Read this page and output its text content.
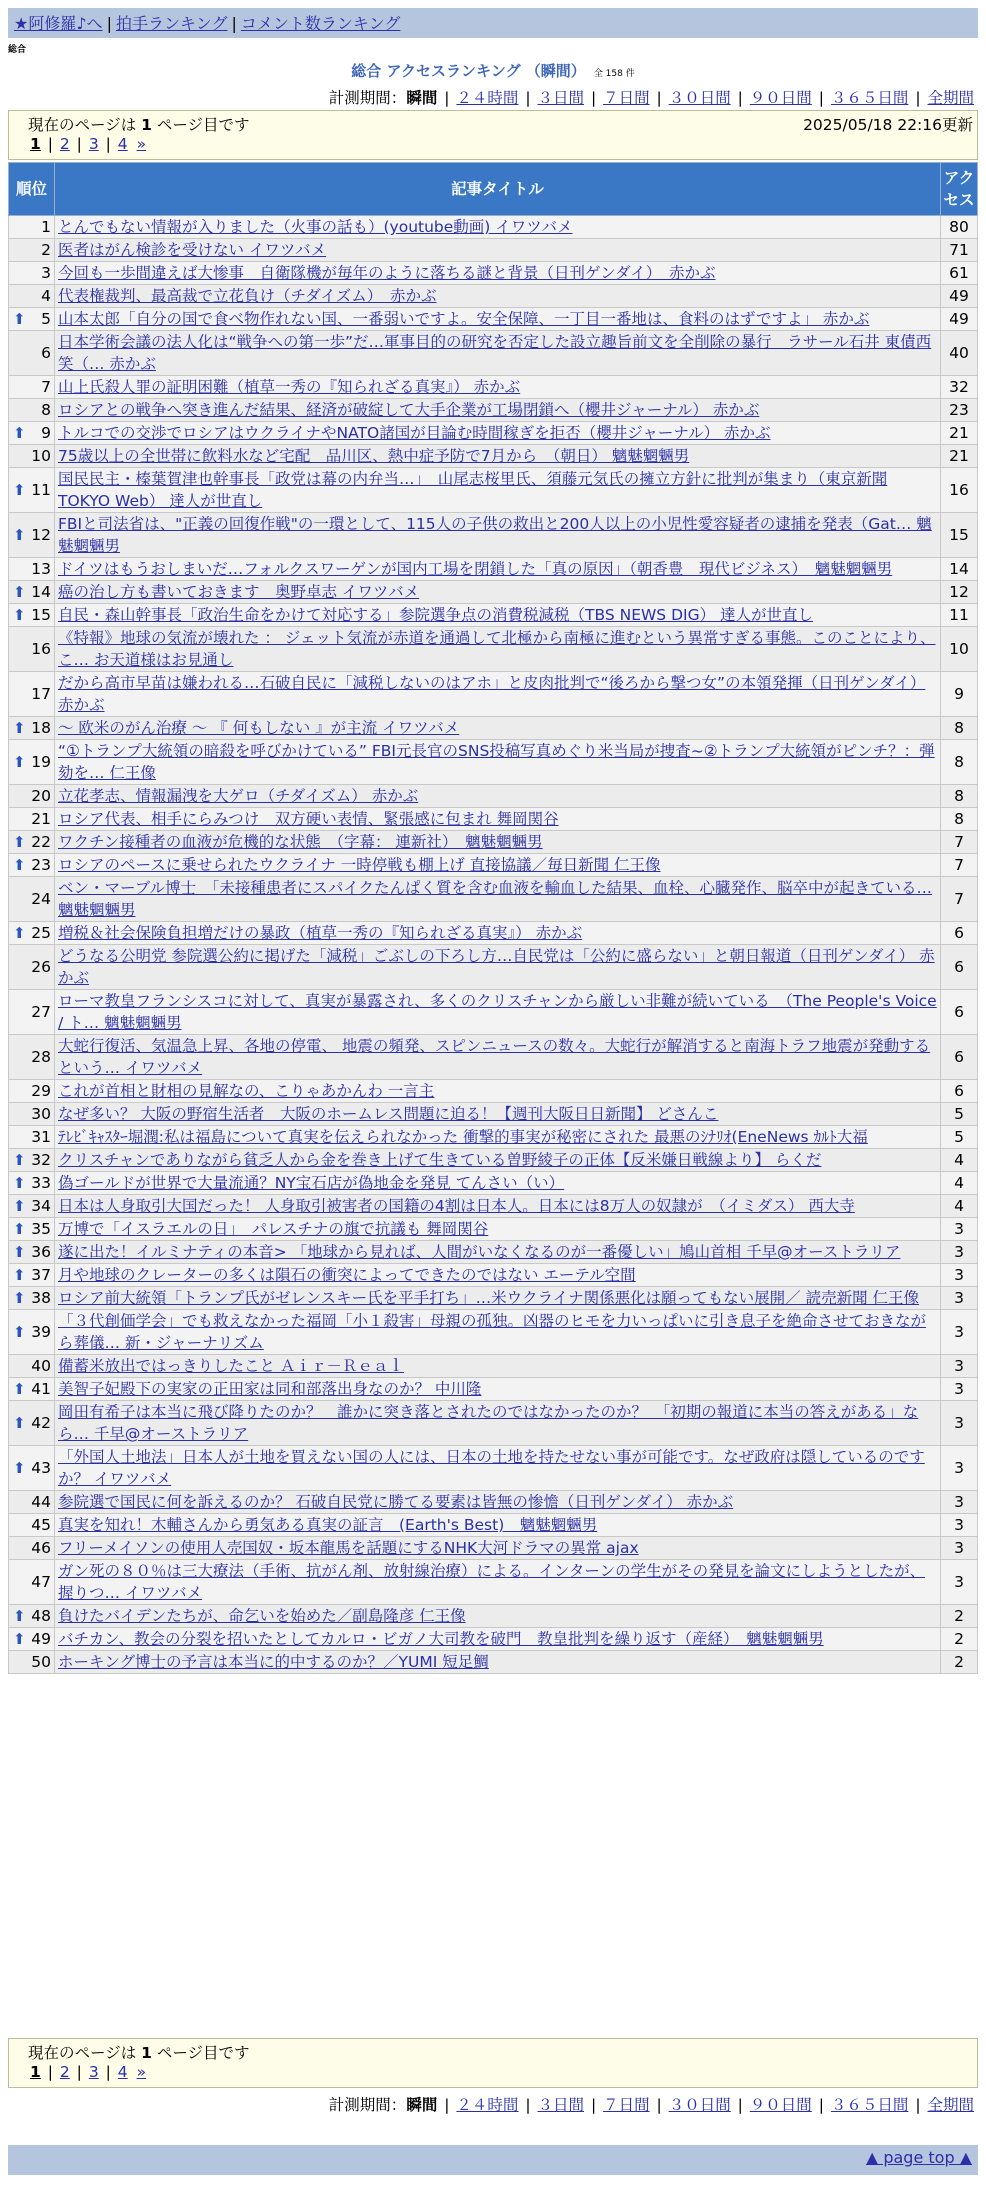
★阿修羅♪へ | 拍手ランキング | コメント数ランキング
総合
総合 アクセスランキング （瞬間） 全 158 件
計測期間：瞬間 | ２４時間 | ３日間 | ７日間 | ３０日間 | ９０日間 | ３６５日間 | 全期間
現在のページは 1 ページ目です	2025/05/18 22:16更新
1 | 2 | 3 | 4 »
順位	記事タイトル	アクセス
1	とんでもない情報が入りました（火事の話も）(youtube動画) イワツバメ	80
2	医者はがん検診を受けない イワツバメ	71
3	今回も一歩間違えば大惨事　自衛隊機が毎年のように落ちる謎と背景（日刊ゲンダイ）　赤かぶ	61
4	代表権裁判、最高裁で立花負け（チダイズム）　赤かぶ	49

⬆ 5	山本太郎「自分の国で食べ物作れない国、一番弱いですよ。安全保障、一丁目一番地は、食料のはずですよ」 赤かぶ	49
6	日本学術会議の法人化は“戦争への第一歩”だ…軍事目的の研究を否定した設立趣旨前文を全削除の暴行　ラサール石井 東債西笑（… 赤かぶ	40
7	山上氏殺人罪の証明困難（植草一秀の『知られざる真実』） 赤かぶ	32
8	ロシアとの戦争へ突き進んだ結果、経済が破綻して大手企業が工場閉鎖へ（櫻井ジャーナル） 赤かぶ	23

⬆ 9	トルコでの交渉でロシアはウクライナやNATO諸国が目論む時間稼ぎを拒否（櫻井ジャーナル） 赤かぶ	21
10	75歳以上の全世帯に飲料水など宅配　品川区、熱中症予防で7月から　（朝日） 魑魅魍魎男	21

⬆ 11	国民民主・榛葉賀津也幹事長「政党は幕の内弁当…」　山尾志桜里氏、須藤元気氏の擁立方針に批判が集まり（東京新聞 TOKYO Web） 達人が世直し	16

⬆ 12	FBIと司法省は、"正義の回復作戦"の一環として、115人の子供の救出と200人以上の小児性愛容疑者の逮捕を発表（Gat… 魑魅魍魎男	15
13	ドイツはもうおしまいだ…フォルクスワーゲンが国内工場を閉鎖した「真の原因」（朝香豊　現代ビジネス）　魑魅魍魎男	14

⬆ 14	癌の治し方も書いておきます　奥野卓志 イワツバメ	12

⬆ 15	自民・森山幹事長「政治生命をかけて対応する」参院選争点の消費税減税（TBS NEWS DIG） 達人が世直し	11
16	《特報》地球の気流が壊れた ： ジェット気流が赤道を通過して北極から南極に進むという異常すぎる事態。このことにより、こ… お天道様はお見通し	10
17	だから高市早苗は嫌われる…石破自民に「減税しないのはアホ」と皮肉批判で“後ろから撃つ女”の本領発揮（日刊ゲンダイ） 赤かぶ	9

⬆ 18	～ 欧米のがん治療 ～ 『 何もしない 』が主流 イワツバメ	8

⬆ 19	“①トランプ大統領の暗殺を呼びかけている” FBI元長官のSNS投稿写真めぐり米当局が捜査~②トランプ大統領がピンチ？：弾劾を… 仁王像	8
20	立花孝志、情報漏洩を大ゲロ（チダイズム） 赤かぶ	8
21	ロシア代表、相手にらみつけ　双方硬い表情、緊張感に包まれ 舞岡関谷	8

⬆ 22	ワクチン接種者の血液が危機的な状態　（字幕： 連新社）　魑魅魍魎男	7

⬆ 23	ロシアのペースに乗せられたウクライナ 一時停戦も棚上げ 直接協議／毎日新聞 仁王像	7
24	ベン・マーブル博士　「未接種患者にスパイクたんぱく質を含む血液を輸血した結果、血栓、心臓発作、脳卒中が起きている… 魑魅魍魎男	7

⬆ 25	増税＆社会保険負担増だけの暴政（植草一秀の『知られざる真実』） 赤かぶ	6
26	どうなる公明党 参院選公約に掲げた「減税」ごぶしの下ろし方…自民党は「公約に盛らない」と朝日報道（日刊ゲンダイ） 赤かぶ	6
27	ローマ教皇フランシスコに対して、真実が暴露され、多くのクリスチャンから厳しい非難が続いている　（The People's Voice / ト… 魑魅魍魎男	6
28	大蛇行復活、気温急上昇、各地の停電、 地震の頻発、スピンニュースの数々。大蛇行が解消すると南海トラフ地震が発動するという… イワツバメ	6
29	これが首相と財相の見解なの、こりゃあかんわ 一言主	6
30	なぜ多い？ 大阪の野宿生活者　大阪のホームレス問題に迫る！【週刊大阪日日新聞】 どさんこ	5
31	ﾃﾚﾋﾞｷｬｽﾀｰ堀潤:私は福島について真実を伝えられなかった 衝撃的事実が秘密にされた 最悪のｼﾅﾘｵ(EneNews ｶﾙﾄ大福	5

⬆ 32	クリスチャンでありながら貧乏人から金を巻き上げて生きている曽野綾子の正体【反米嫌日戦線より】 らくだ	4

⬆ 33	偽ゴールドが世界で大量流通？NY宝石店が偽地金を発見 てんさい（い）	4

⬆ 34	日本は人身取引大国だった！ 人身取引被害者の国籍の4割は日本人。日本には8万人の奴隷が　（イミダス） 西大寺	4

⬆ 35	万博で「イスラエルの日」　パレスチナの旗で抗議も 舞岡関谷	3

⬆ 36	遂に出た！イルミナティの本音> 「地球から見れば、人間がいなくなるのが一番優しい」鳩山首相 千早@オーストラリア	3

⬆ 37	月や地球のクレーターの多くは隕石の衝突によってできたのではない エーテル空間	3

⬆ 38	ロシア前大統領「トランプ氏がゼレンスキー氏を平手打ち」…米ウクライナ関係悪化は願ってもない展開／ 読売新聞 仁王像	3

⬆ 39	「３代創価学会」でも救えなかった福岡「小１殺害」母親の孤独。凶器のヒモを力いっぱいに引き息子を絶命させておきながら葬儀… 新・ジャーナリズム	3
40	備蓄米放出ではっきりしたこと Ａｉｒ－Ｒｅａｌ	3

⬆ 41	美智子妃殿下の実家の正田家は同和部落出身なのか？ 中川隆	3

⬆ 42	岡田有希子は本当に飛び降りたのか？　誰かに突き落とされたのではなかったのか？　「初期の報道に本当の答えがある」なら… 千早@オーストラリア	3

⬆ 43	「外国人土地法」日本人が土地を買えない国の人には、日本の土地を持たせない事が可能です。なぜ政府は隠しているのですか？ イワツバメ	3
44	参院選で国民に何を訴えるのか？ 石破自民党に勝てる要素は皆無の惨憺（日刊ゲンダイ） 赤かぶ	3
45	真実を知れ！木輔さんから勇気ある真実の証言　(Earth's Best)　魑魅魍魎男	3
46	フリーメイソンの使用人売国奴・坂本龍馬を話題にするNHK大河ドラマの異常 ajax	3
47	ガン死の８０％は三大療法（手術、抗がん剤、放射線治療）による。インターンの学生がその発見を論文にしようとしたが、握りつ… イワツバメ	3

⬆ 48	負けたバイデンたちが、命乞いを始めた／副島隆彦 仁王像	2

⬆ 49	バチカン、教会の分裂を招いたとしてカルロ・ビガノ大司教を破門　教皇批判を繰り返す（産経）　魑魅魍魎男	2
50	ホーキング博士の予言は本当に的中するのか？／YUMI 短足鯛	2
現在のページは 1 ページ目です
1 | 2 | 3 | 4 »
計測期間：瞬間 | ２４時間 | ３日間 | ７日間 | ３０日間 | ９０日間 | ３６５日間 | 全期間
▲ page top ▲
